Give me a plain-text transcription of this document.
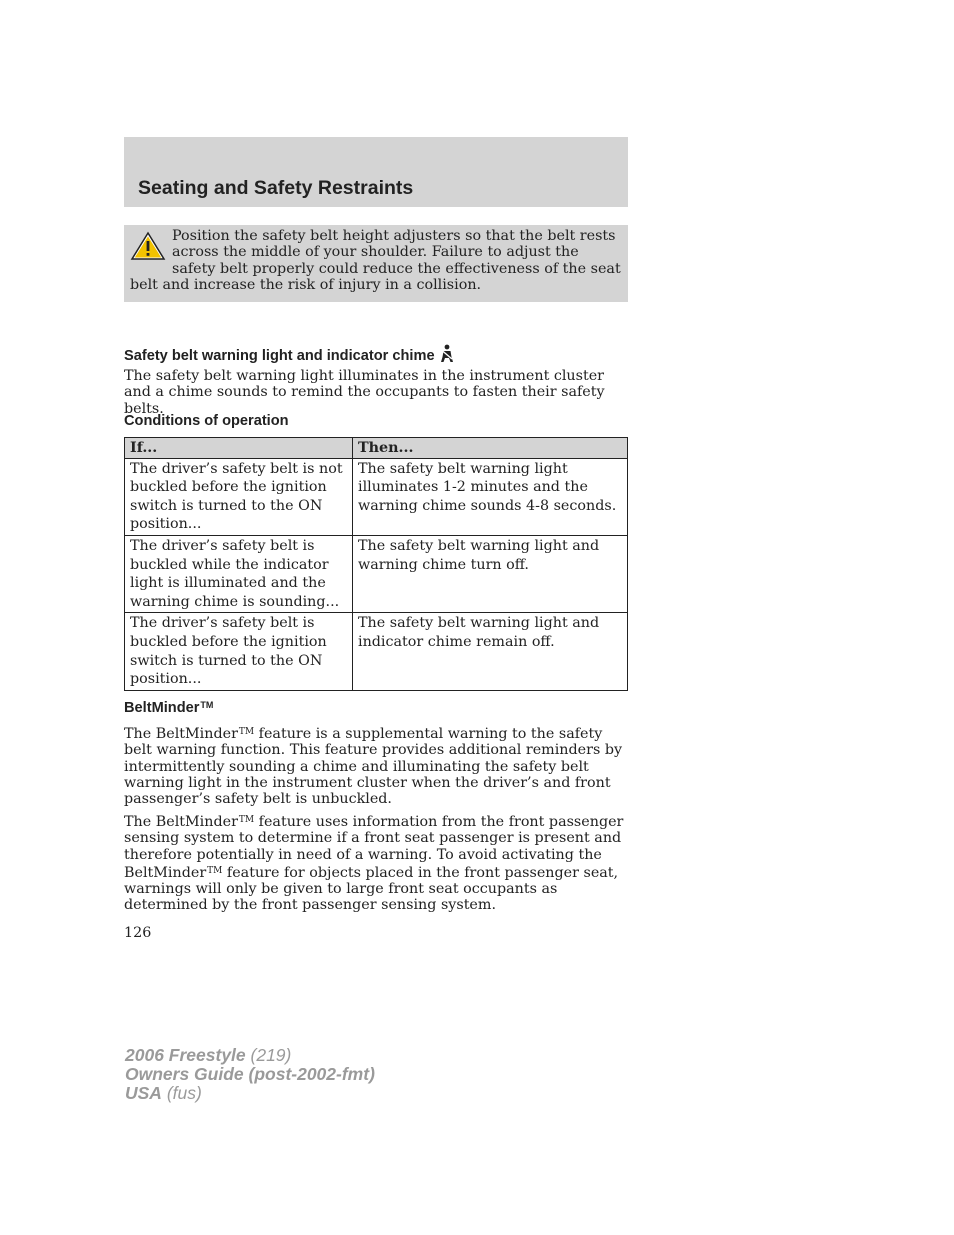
Seating and Safety Restraints

Position the safety belt height adjusters so that the belt rests across the middle of your shoulder. Failure to adjust the safety belt properly could reduce the effectiveness of the seat belt and increase the risk of injury in a collision.

Safety belt warning light and indicator chime

The safety belt warning light illuminates in the instrument cluster and a chime sounds to remind the occupants to fasten their safety belts.

Conditions of operation
If...	Then...
The driver’s safety belt is not buckled before the ignition switch is turned to the ON position...	The safety belt warning light illuminates 1-2 minutes and the warning chime sounds 4-8 seconds.
The driver’s safety belt is buckled while the indicator light is illuminated and the warning chime is sounding...	The safety belt warning light and warning chime turn off.
The driver’s safety belt is buckled before the ignition switch is turned to the ON position...	The safety belt warning light and indicator chime remain off.
BeltMinder™

The BeltMinder™ feature is a supplemental warning to the safety belt warning function. This feature provides additional reminders by intermittently sounding a chime and illuminating the safety belt warning light in the instrument cluster when the driver’s and front passenger’s safety belt is unbuckled.

The BeltMinder™ feature uses information from the front passenger sensing system to determine if a front seat passenger is present and therefore potentially in need of a warning. To avoid activating the BeltMinder™ feature for objects placed in the front passenger seat, warnings will only be given to large front seat occupants as determined by the front passenger sensing system.

126

2006 Freestyle (219)
Owners Guide (post-2002-fmt)
USA (fus)
